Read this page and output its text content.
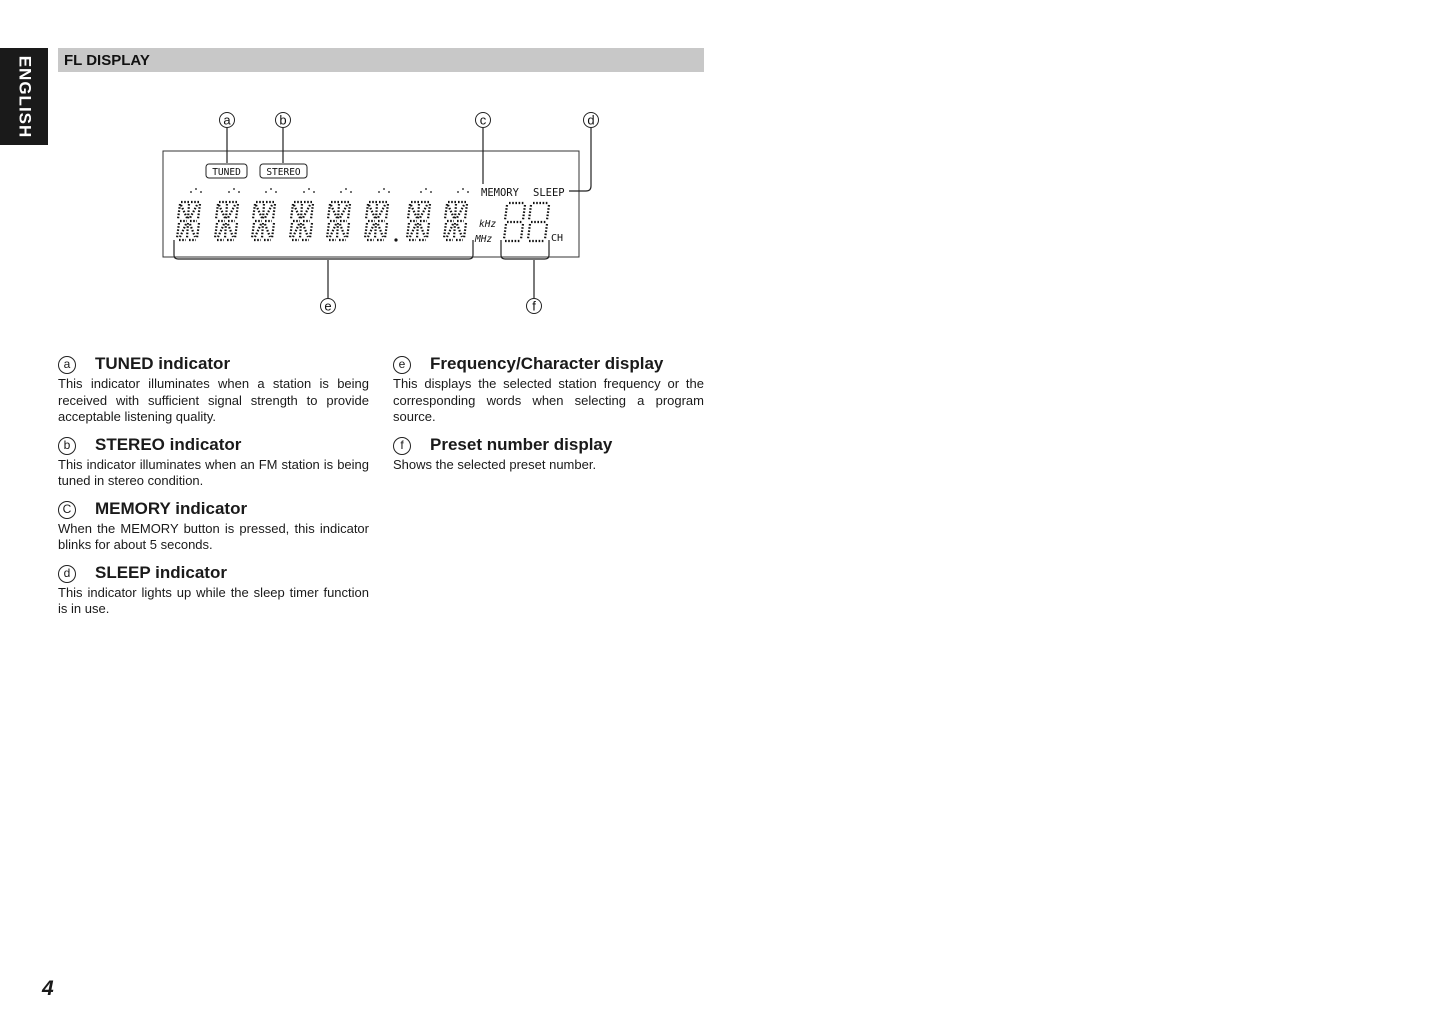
ENGLISH FL DISPLAY
a	b	c	d
e	f
TUNED	STEREO
MEMORY SLEEP
kHz
MHz	CH
a	TUNED indicator

This indicator illuminates when a station is being received with sufficient signal strength to provide acceptable listening quality.

b	STEREO indicator

This indicator illuminates when an FM station is being tuned in stereo condition.

C MEMORY indicator

When the MEMORY button is pressed, this indicator blinks for about 5 seconds.

d	SLEEP indicator

This indicator lights up while the sleep timer function is in use.

e	Frequency/Character display

This displays the selected station frequency or the corresponding words when selecting a program source.

f	Preset number display

Shows the selected preset number.

4
